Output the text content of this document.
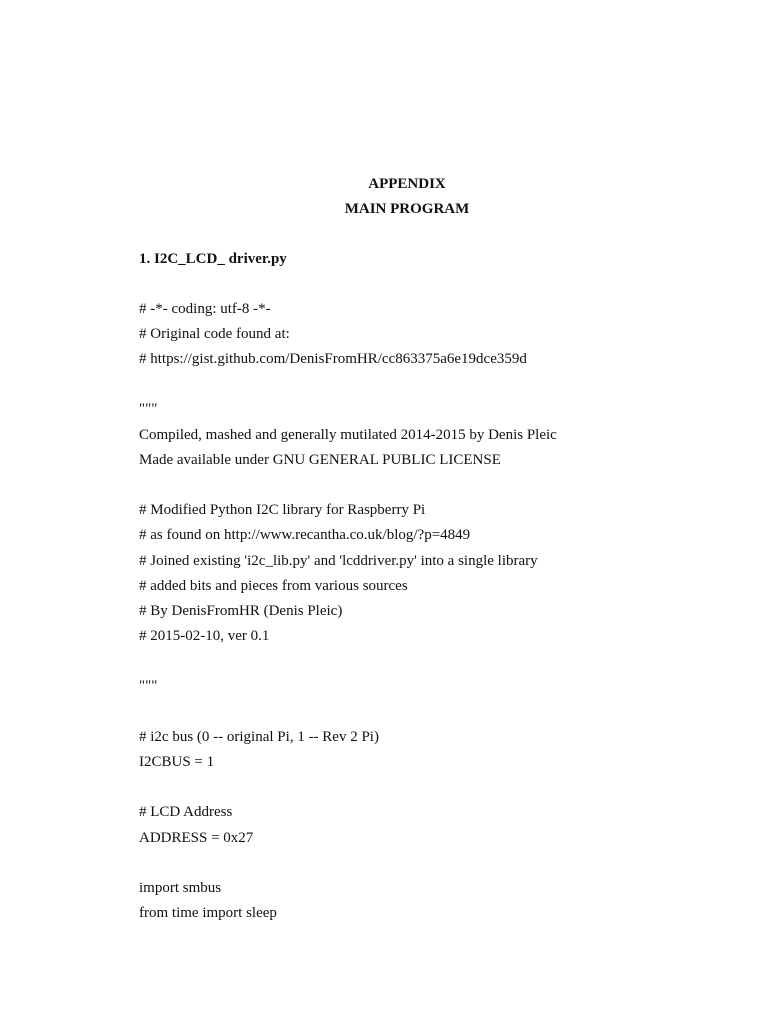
APPENDIX

MAIN PROGRAM

1. I2C_LCD_ driver.py

# -*- coding: utf-8 -*-

# Original code found at:

# https://gist.github.com/DenisFromHR/cc863375a6e19dce359d

"""

Compiled, mashed and generally mutilated 2014-2015 by Denis Pleic

Made available under GNU GENERAL PUBLIC LICENSE

# Modified Python I2C library for Raspberry Pi

# as found on http://www.recantha.co.uk/blog/?p=4849

# Joined existing 'i2c_lib.py' and 'lcddriver.py' into a single library

# added bits and pieces from various sources

# By DenisFromHR (Denis Pleic)

# 2015-02-10, ver 0.1

"""

# i2c bus (0 -- original Pi, 1 -- Rev 2 Pi)

I2CBUS = 1

# LCD Address

ADDRESS = 0x27

import smbus

from time import sleep
